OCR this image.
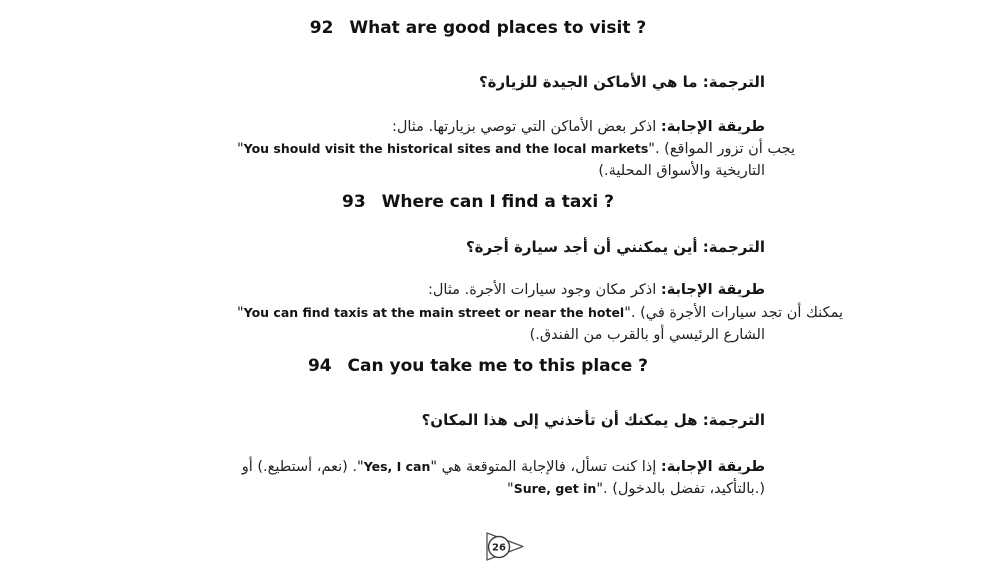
92 What are good places to visit ?
الترجمة: ما هي الأماكن الجيدة للزيارة؟
طريقة الإجابة: اذكر بعض الأماكن التي توصي بزيارتها. مثال:
"You should visit the historical sites and the local markets". (يجب أن تزور المواقع
التاريخية والأسواق المحلية.)
93 Where can I find a taxi ?
الترجمة: أين يمكنني أن أجد سيارة أجرة؟
طريقة الإجابة: اذكر مكان وجود سيارات الأجرة. مثال:
"You can find taxis at the main street or near the hotel". (يمكنك أن تجد سيارات الأجرة في
الشارع الرئيسي أو بالقرب من الفندق.)
94 Can you take me to this place ?
الترجمة: هل يمكنك أن تأخذني إلى هذا المكان؟
طريقة الإجابة: إذا كنت تسأل، فالإجابة المتوقعة هي "Yes, I can". (نعم، أستطيع.) أو
"Sure, get in". (بالتأكيد، تفضل بالدخول.)
26
